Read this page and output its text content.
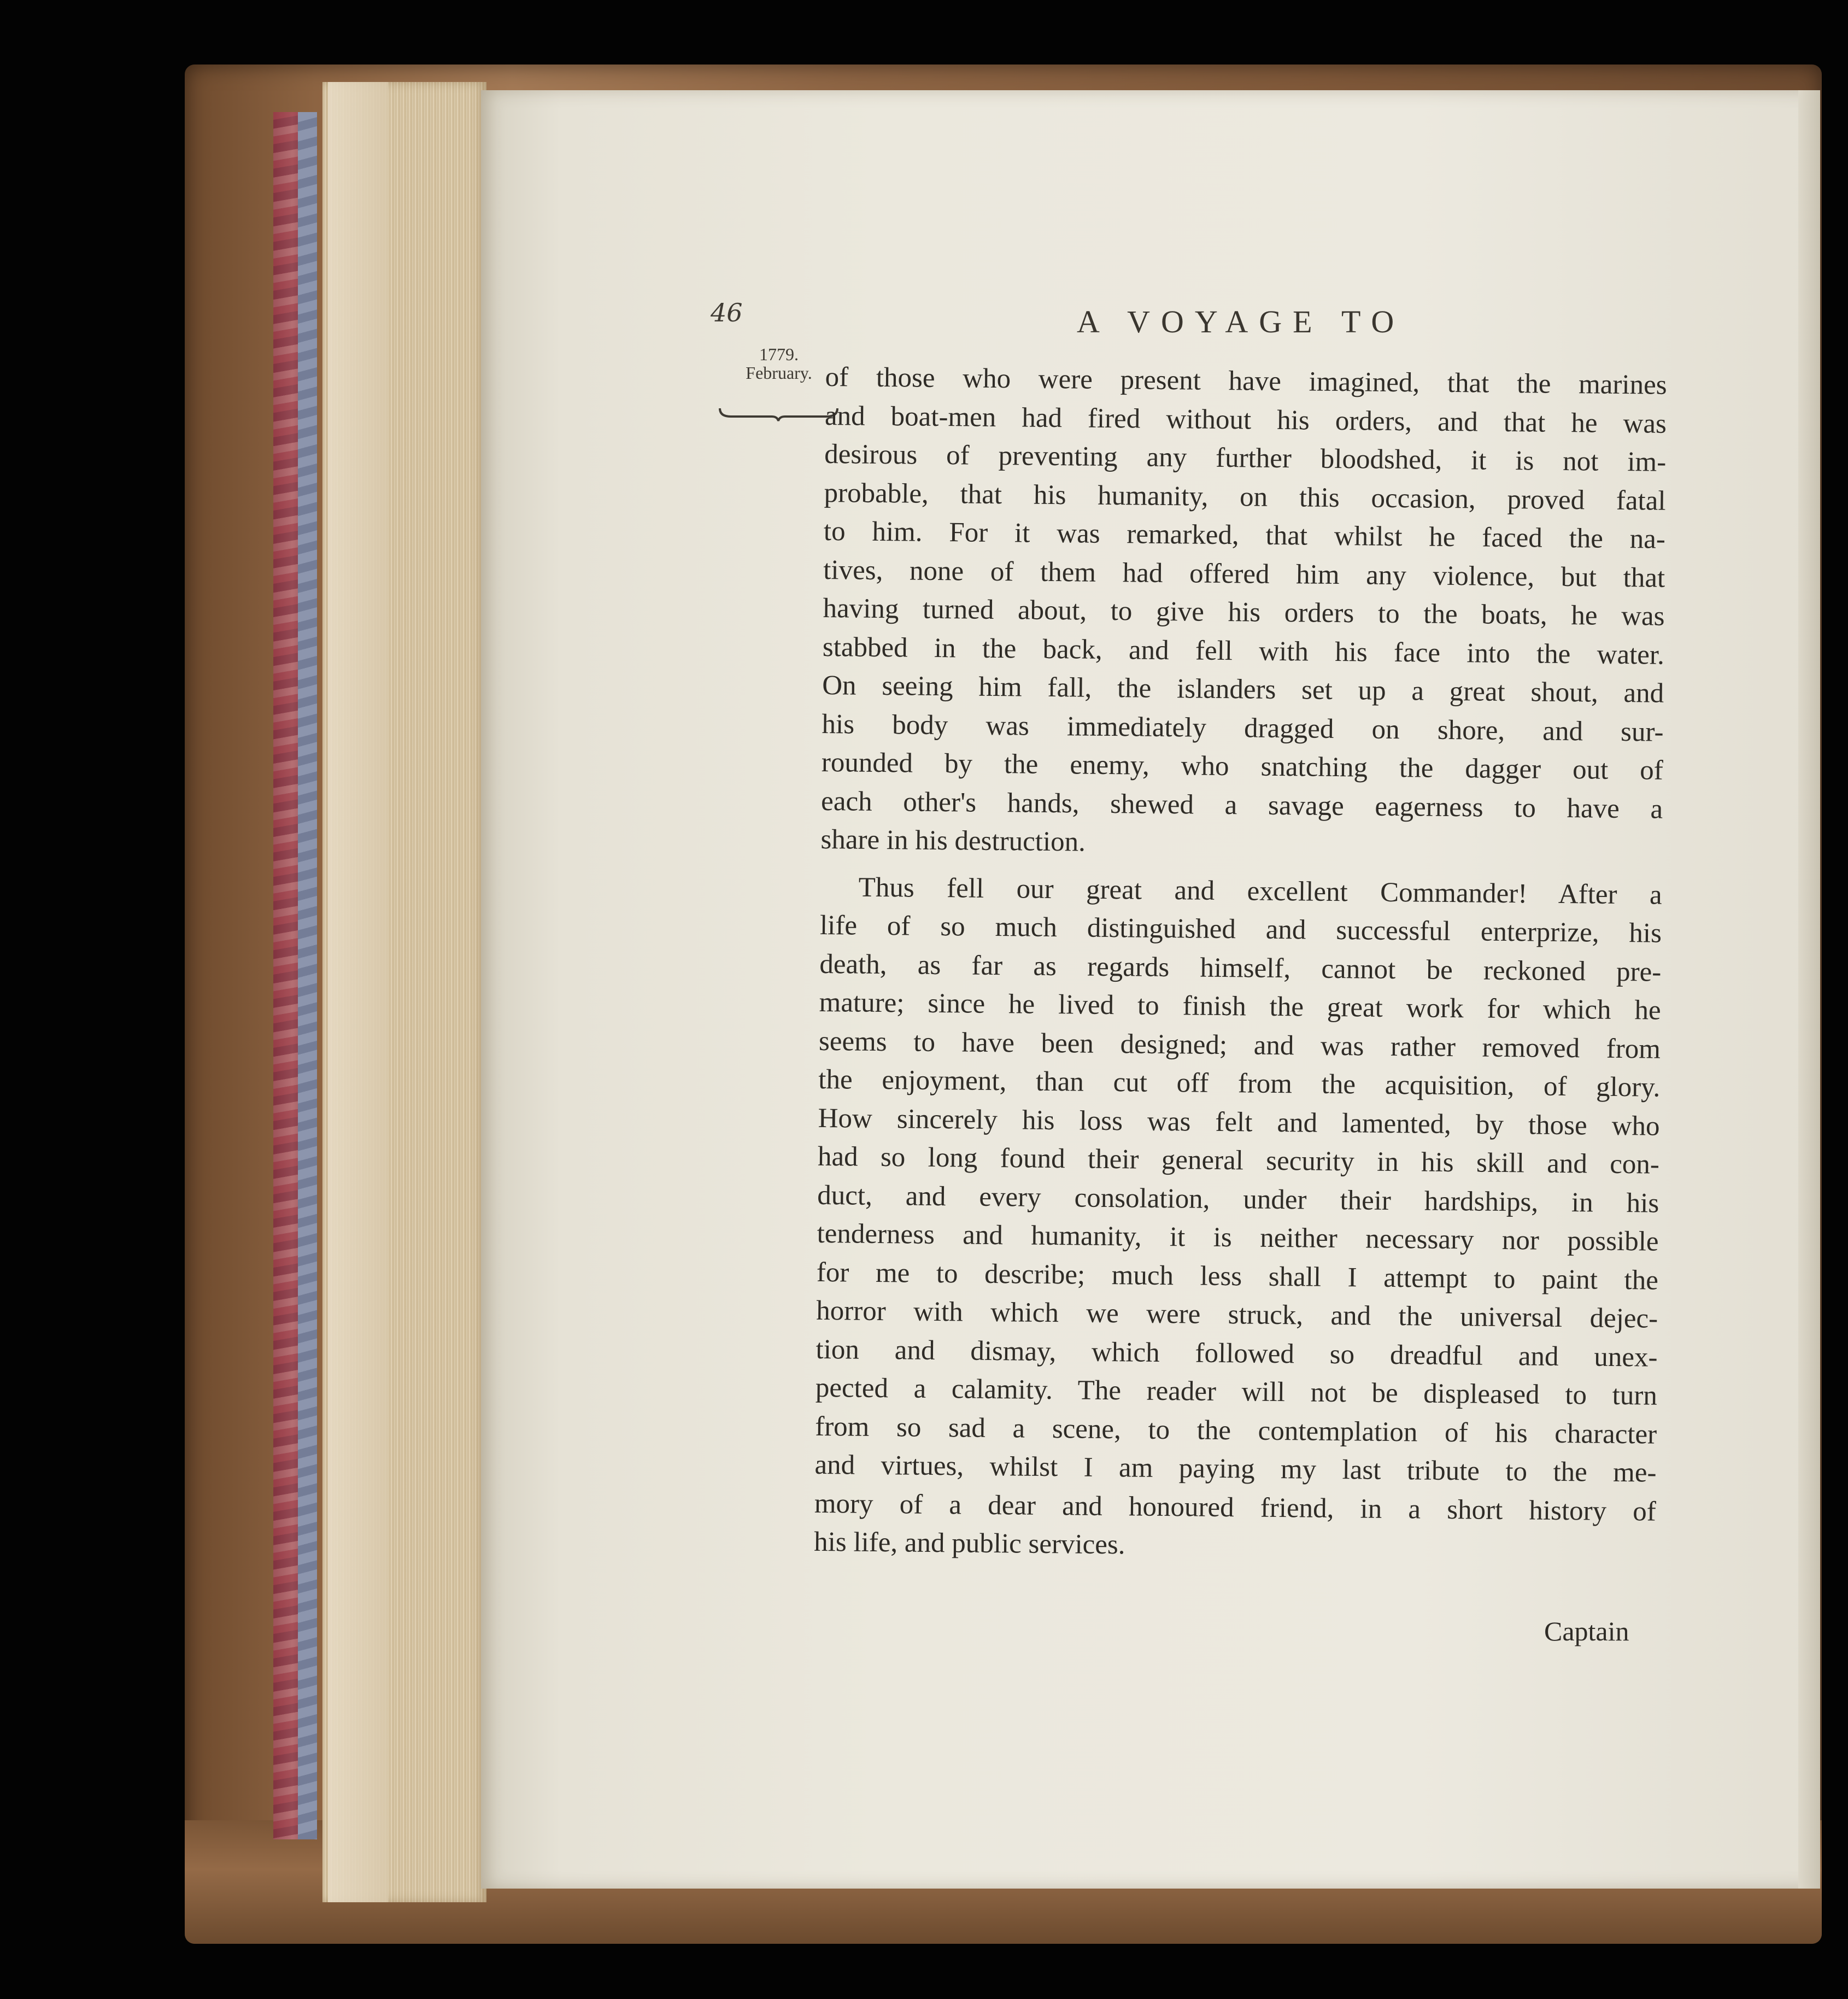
46	A VOYAGE TO
1779.
February. of those who were present have imagined, that the marines
and boat-men had fired without his orders, and that he was
desirous of preventing any further bloodshed, it is not im-
probable, that his humanity, on this occasion, proved fatal
to him. For it was remarked, that whilst he faced the na-
tives, none of them had offered him any violence, but that
having turned about, to give his orders to the boats, he was
stabbed in the back, and fell with his face into the water.
On seeing him fall, the islanders set up a great shout, and
his body was immediately dragged on shore, and sur-
rounded by the enemy, who snatching the dagger out of
each other's hands, shewed a savage eagerness to have a
share in his destruction.

Thus fell our great and excellent Commander! After a
life of so much distinguished and successful enterprize, his
death, as far as regards himself, cannot be reckoned pre-
mature; since he lived to finish the great work for which he
seems to have been designed; and was rather removed from
the enjoyment, than cut off from the acquisition, of glory.
How sincerely his loss was felt and lamented, by those who
had so long found their general security in his skill and con-
duct, and every consolation, under their hardships, in his
tenderness and humanity, it is neither necessary nor possible
for me to describe; much less shall I attempt to paint the
horror with which we were struck, and the universal dejec-
tion and dismay, which followed so dreadful and unex-
pected a calamity. The reader will not be displeased to turn
from so sad a scene, to the contemplation of his character
and virtues, whilst I am paying my last tribute to the me-
mory of a dear and honoured friend, in a short history of
his life, and public services.

Captain
